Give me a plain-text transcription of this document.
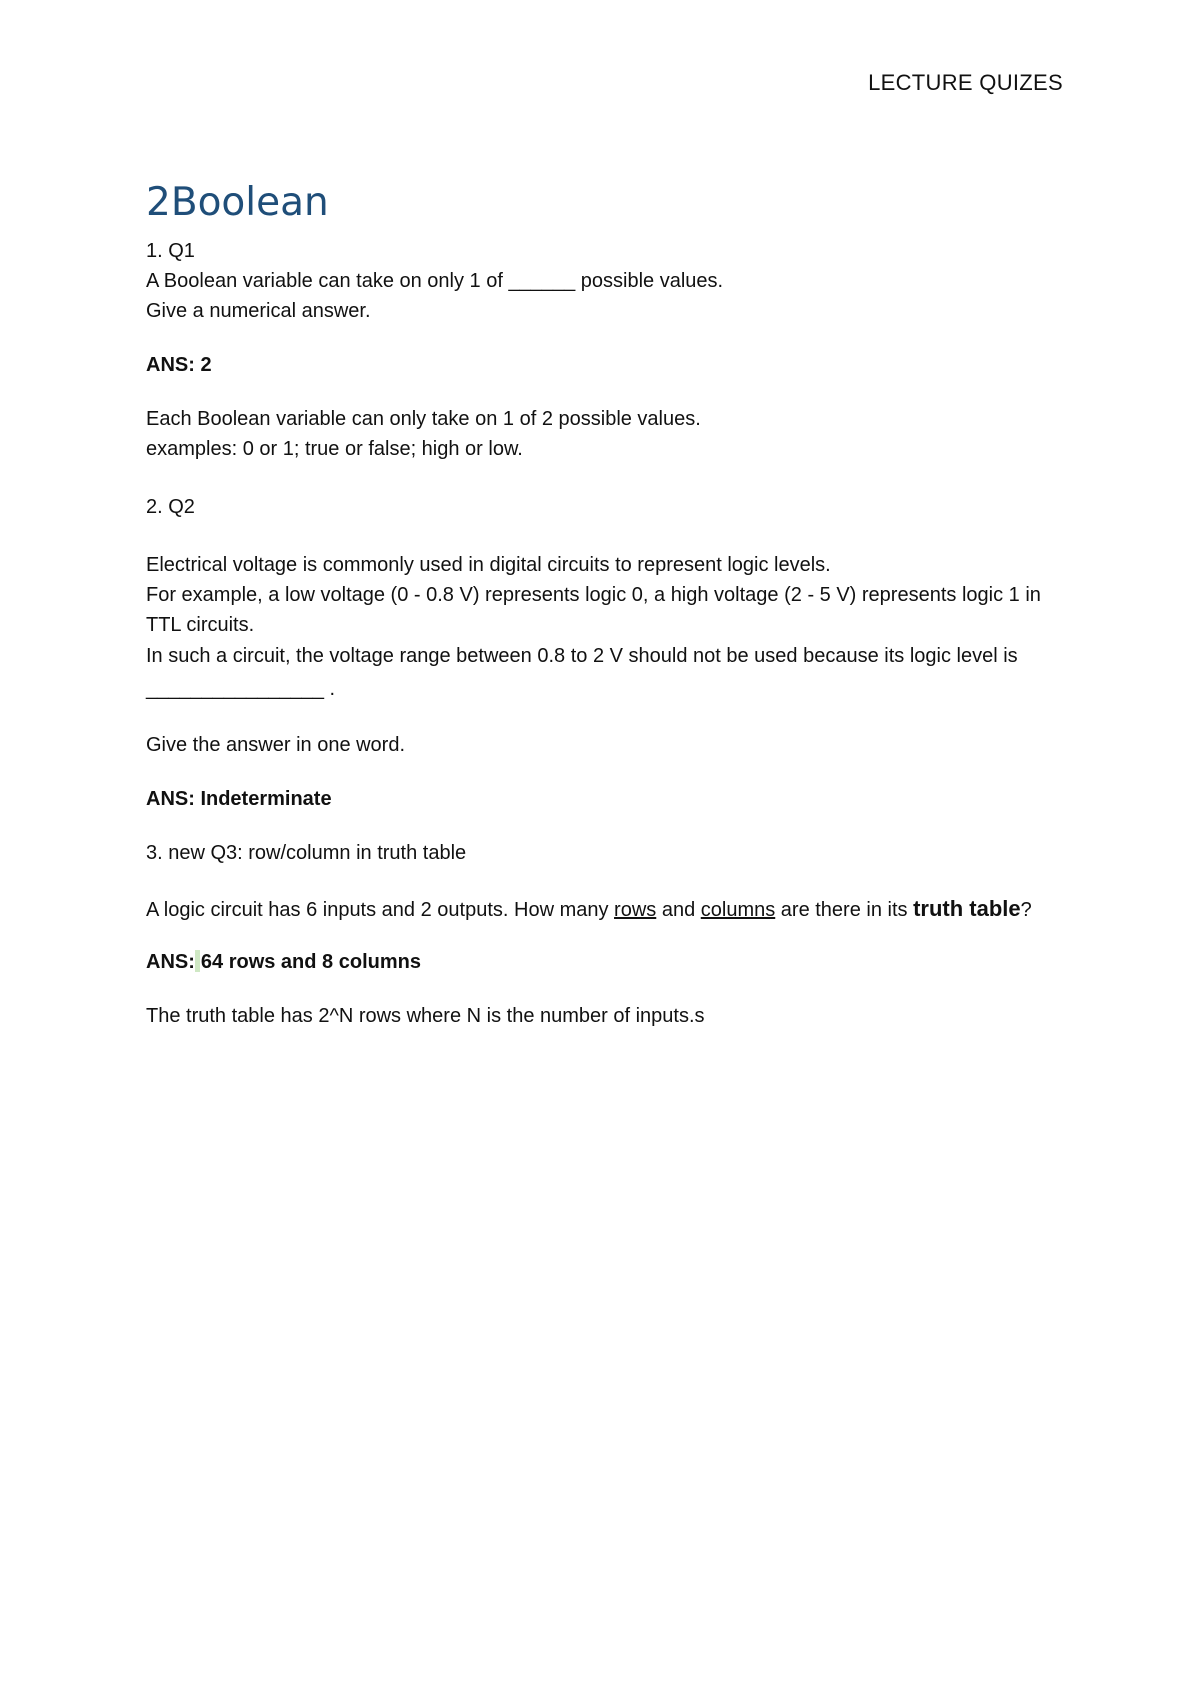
LECTURE QUIZES
2Boolean

1. Q1

A Boolean variable can take on only 1 of ______ possible values.

Give a numerical answer.

ANS: 2

Each Boolean variable can only take on 1 of 2 possible values.

examples: 0 or 1; true or false; high or low.

2. Q2

Electrical voltage is commonly used in digital circuits to represent logic levels.

For example, a low voltage (0 - 0.8 V) represents logic 0, a high voltage (2 - 5 V) represents logic 1 in TTL circuits.

In such a circuit, the voltage range between 0.8 to 2 V should not be used because its logic level is ________________ .

Give the answer in one word.

ANS: Indeterminate

3. new Q3: row/column in truth table

A logic circuit has 6 inputs and 2 outputs. How many rows and columns are there in its truth table?

ANS: 64 rows and 8 columns

The truth table has 2^N rows where N is the number of inputs.s
